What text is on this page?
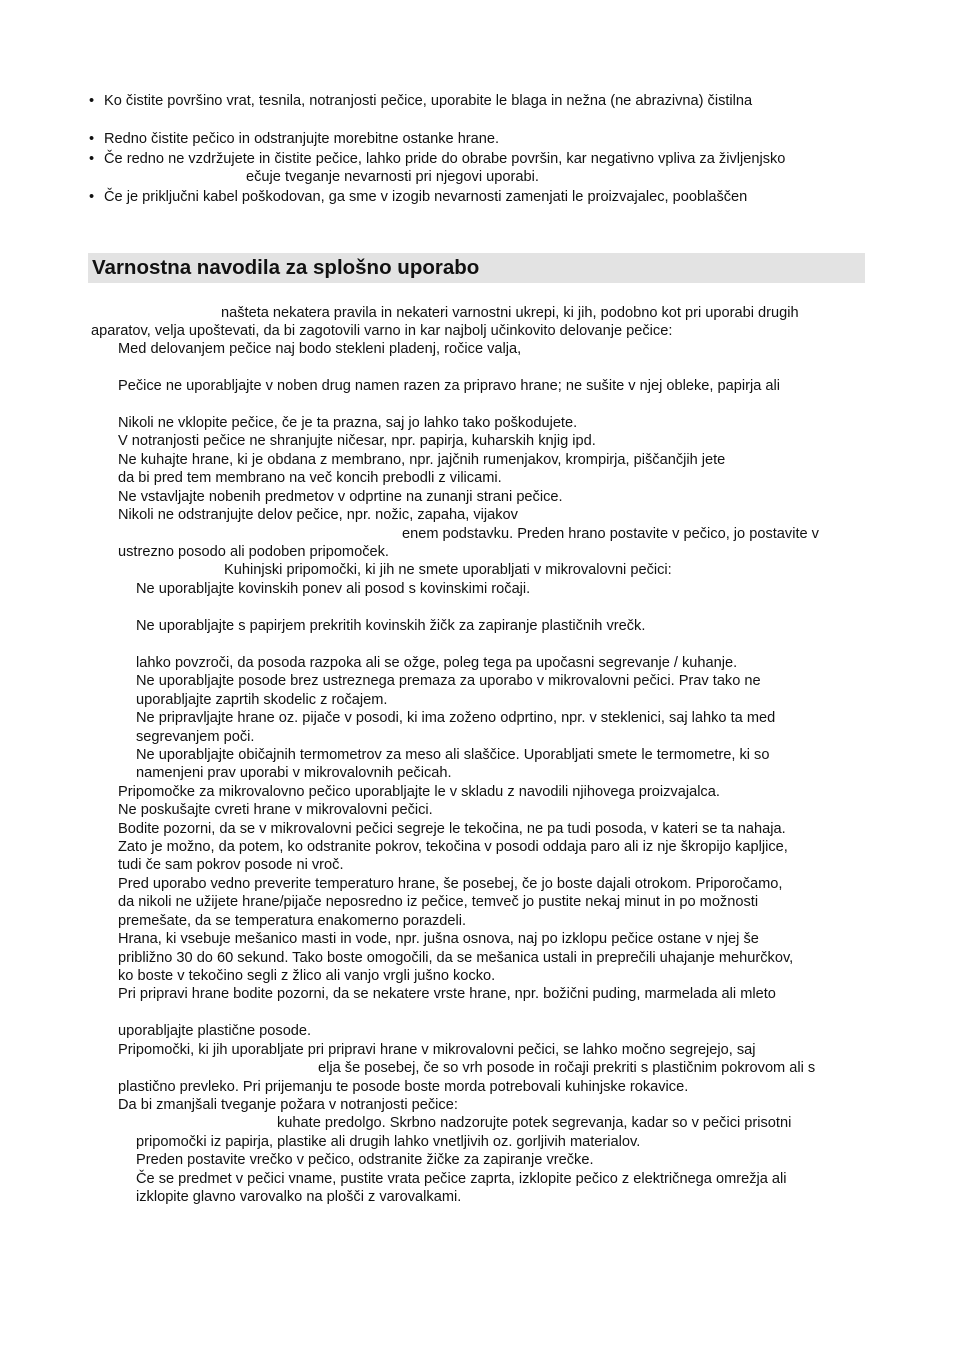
• Ko čistite površino vrat, tesnila, notranjosti pečice, uporabite le blaga in nežna (ne abrazivna) čistilna
• Redno čistite pečico in odstranjujte morebitne ostanke hrane.
• Če redno ne vzdržujete in čistite pečice, lahko pride do obrabe površin, kar negativno vpliva za življenjsko
ečuje tveganje nevarnosti pri njegovi uporabi.
• Če je priključni kabel poškodovan, ga sme v izogib nevarnosti zamenjati le proizvajalec, pooblaščen
Varnostna navodila za splošno uporabo
našteta nekatera pravila in nekateri varnostni ukrepi, ki jih, podobno kot pri uporabi drugih
aparatov, velja upoštevati, da bi zagotovili varno in kar najbolj učinkovito delovanje pečice:
Med delovanjem pečice naj bodo stekleni pladenj, ročice valja,
Pečice ne uporabljajte v noben drug namen razen za pripravo hrane; ne sušite v njej obleke, papirja ali
Nikoli ne vklopite pečice, če je ta prazna, saj jo lahko tako poškodujete.
V notranjosti pečice ne shranjujte ničesar, npr. papirja, kuharskih knjig ipd.
Ne kuhajte hrane, ki je obdana z membrano, npr. jajčnih rumenjakov, krompirja, piščančjih jete
da bi pred tem membrano na več koncih prebodli z vilicami.
Ne vstavljajte nobenih predmetov v odprtine na zunanji strani pečice.
Nikoli ne odstranjujte delov pečice, npr. nožic, zapaha, vijakov
enem podstavku. Preden hrano postavite v pečico, jo postavite v
ustrezno posodo ali podoben pripomoček.
Kuhinjski pripomočki, ki jih ne smete uporabljati v mikrovalovni pečici:
Ne uporabljajte kovinskih ponev ali posod s kovinskimi ročaji.
Ne uporabljajte s papirjem prekritih kovinskih žičk za zapiranje plastičnih vrečk.
lahko povzroči, da posoda razpoka ali se ožge, poleg tega pa upočasni segrevanje / kuhanje.
Ne uporabljajte posode brez ustreznega premaza za uporabo v mikrovalovni pečici. Prav tako ne
uporabljajte zaprtih skodelic z ročajem.
Ne pripravljajte hrane oz. pijače v posodi, ki ima zoženo odprtino, npr. v steklenici, saj lahko ta med
segrevanjem poči.
Ne uporabljajte običajnih termometrov za meso ali slaščice. Uporabljati smete le termometre, ki so
namenjeni prav uporabi v mikrovalovnih pečicah.
Pripomočke za mikrovalovno pečico uporabljajte le v skladu z navodili njihovega proizvajalca.
Ne poskušajte cvreti hrane v mikrovalovni pečici.
Bodite pozorni, da se v mikrovalovni pečici segreje le tekočina, ne pa tudi posoda, v kateri se ta nahaja.
Zato je možno, da potem, ko odstranite pokrov, tekočina v posodi oddaja paro ali iz nje škropijo kapljice,
tudi če sam pokrov posode ni vroč.
Pred uporabo vedno preverite temperaturo hrane, še posebej, če jo boste dajali otrokom. Priporočamo,
da nikoli ne užijete hrane/pijače neposredno iz pečice, temveč jo pustite nekaj minut in po možnosti
premešate, da se temperatura enakomerno porazdeli.
Hrana, ki vsebuje mešanico masti in vode, npr. jušna osnova, naj po izklopu pečice ostane v njej še
približno 30 do 60 sekund. Tako boste omogočili, da se mešanica ustali in preprečili uhajanje mehurčkov,
ko boste v tekočino segli z žlico ali vanjo vrgli jušno kocko.
Pri pripravi hrane bodite pozorni, da se nekatere vrste hrane, npr. božični puding, marmelada ali mleto
uporabljajte plastične posode.
Pripomočki, ki jih uporabljate pri pripravi hrane v mikrovalovni pečici, se lahko močno segrejejo, saj
elja še posebej, če so vrh posode in ročaji prekriti s plastičnim pokrovom ali s
plastično prevleko. Pri prijemanju te posode boste morda potrebovali kuhinjske rokavice.
Da bi zmanjšali tveganje požara v notranjosti pečice:
kuhate predolgo. Skrbno nadzorujte potek segrevanja, kadar so v pečici prisotni
pripomočki iz papirja, plastike ali drugih lahko vnetljivih oz. gorljivih materialov.
Preden postavite vrečko v pečico, odstranite žičke za zapiranje vrečke.
Če se predmet v pečici vname, pustite vrata pečice zaprta, izklopite pečico z električnega omrežja ali
izklopite glavno varovalko na plošči z varovalkami.
